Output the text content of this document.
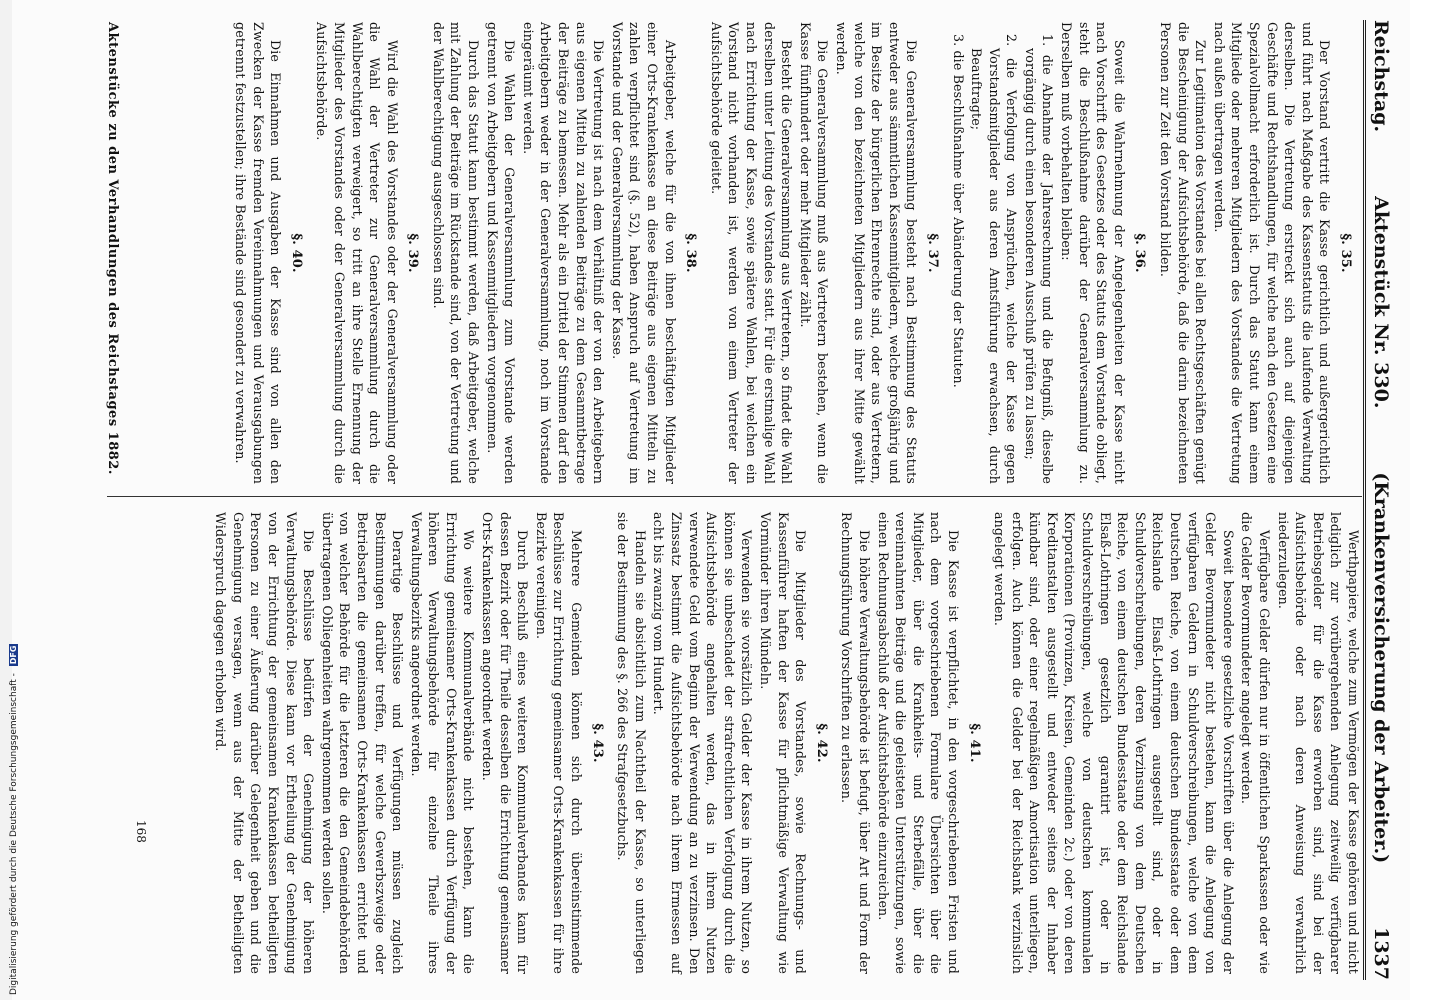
Reichstag.
Aktenstück Nr. 330.
(Krankenversicherung der Arbeiter.)
1337
§. 35.
Der Vorstand vertritt die Kasse gerichtlich und außergerichtlich und führt nach Maßgabe des Kassenstatuts die laufende Verwaltung derselben. Die Vertretung erstreckt sich auch auf diejenigen Geschäfte und Rechtshandlungen, für welche nach den Gesetzen eine Spezialvollmacht erforderlich ist. Durch das Statut kann einem Mitgliede oder mehreren Mitgliedern des Vorstandes die Vertretung nach außen übertragen werden.
Zur Legitimation des Vorstandes bei allen Rechtsgeschäften genügt die Bescheinigung der Aufsichtsbehörde, daß die darin bezeichneten Personen zur Zeit den Vorstand bilden.
§. 36.
Soweit die Wahrnehmung der Angelegenheiten der Kasse nicht nach Vorschrift des Gesetzes oder des Statuts dem Vorstande obliegt, steht die Beschlußnahme darüber der Generalversammlung zu. Derselben muß vorbehalten bleiben:
1. die Abnahme der Jahresrechnung und die Befugniß, dieselbe vorgängig durch einen besonderen Ausschuß prüfen zu lassen;
2. die Verfolgung von Ansprüchen, welche der Kasse gegen Vorstandsmitglieder aus deren Amtsführung erwachsen, durch Beauftragte;
3. die Beschlußnahme über Abänderung der Statuten.
§. 37.
Die Generalversammlung besteht nach Bestimmung des Statuts entweder aus sämmtlichen Kassenmitgliedern, welche großjährig und im Besitze der bürgerlichen Ehrenrechte sind, oder aus Vertretern, welche von den bezeichneten Mitgliedern aus ihrer Mitte gewählt werden.
Die Generalversammlung muß aus Vertretern bestehen, wenn die Kasse fünfhundert oder mehr Mitglieder zählt.
Besteht die Generalversammlung aus Vertretern, so findet die Wahl derselben unter Leitung des Vorstandes statt. Für die erstmalige Wahl nach Errichtung der Kasse, sowie spätere Wahlen, bei welchen ein Vorstand nicht vorhanden ist, werden von einem Vertreter der Aufsichtsbehörde geleitet.
§. 38.
Arbeitgeber, welche für die von ihnen beschäftigten Mitglieder einer Orts-Krankenkasse an diese Beiträge aus eigenen Mitteln zu zahlen verpflichtet sind (§. 52), haben Anspruch auf Vertretung im Vorstande und der Generalversammlung der Kasse.
Die Vertretung ist nach dem Verhältniß der von den Arbeitgebern aus eigenen Mitteln zu zahlenden Beiträge zu dem Gesammtbetrage der Beiträge zu bemessen. Mehr als ein Drittel der Stimmen darf den Arbeitgebern weder in der Generalversammlung, noch im Vorstande eingeräumt werden.
Die Wahlen der Generalversammlung zum Vorstande werden getrennt von Arbeitgebern und Kassenmitgliedern vorgenommen.
Durch das Statut kann bestimmt werden, daß Arbeitgeber, welche mit Zahlung der Beiträge im Rückstande sind, von der Vertretung und der Wahlberechtigung ausgeschlossen sind.
§. 39.
Wird die Wahl des Vorstandes oder der Generalversammlung oder die Wahl der Vertreter zur Generalversammlung durch die Wahlberechtigten verweigert, so tritt an ihre Stelle Ernennung der Mitglieder des Vorstandes oder der Generalversammlung durch die Aufsichtsbehörde.
§. 40.
Die Einnahmen und Ausgaben der Kasse sind von allen den Zwecken der Kasse fremden Vereinnahmungen und Verausgabungen getrennt festzustellen; ihre Bestände sind gesondert zu verwahren.
Werthpapiere, welche zum Vermögen der Kasse gehören und nicht lediglich zur vorübergehenden Anlegung zeitweilig verfügbarer Betriebsgelder für die Kasse erworben sind, sind bei der Aufsichtsbehörde oder nach deren Anweisung verwahrlich niederzulegen.
Verfügbare Gelder dürfen nur in öffentlichen Sparkassen oder wie die Gelder Bevormundeter angelegt werden.
Soweit besondere gesetzliche Vorschriften über die Anlegung der Gelder Bevormundeter nicht bestehen, kann die Anlegung von verfügbaren Geldern in Schuldverschreibungen, welche von dem Deutschen Reiche, von einem deutschen Bundesstaate oder dem Reichslande Elsaß-Lothringen ausgestellt sind, oder in Schuldverschreibungen, deren Verzinsung von dem Deutschen Reiche, von einem deutschen Bundesstaate oder dem Reichslande Elsaß-Lothringen gesetzlich garantirt ist, oder in Schuldverschreibungen, welche von deutschen kommunalen Korporationen (Provinzen, Kreisen, Gemeinden 2c.) oder von deren Kreditanstalten ausgestellt und entweder seitens der Inhaber kündbar sind, oder einer regelmäßigen Amortisation unterliegen, erfolgen. Auch können die Gelder bei der Reichsbank verzinslich angelegt werden.
§. 41.
Die Kasse ist verpflichtet, in den vorgeschriebenen Fristen und nach dem vorgeschriebenen Formulare Übersichten über die Mitglieder, über die Krankheits- und Sterbefälle, über die vereinnahmten Beiträge und die geleisteten Unterstützungen, sowie einen Rechnungsabschluß der Aufsichtsbehörde einzureichen.
Die höhere Verwaltungsbehörde ist befugt, über Art und Form der Rechnungsführung Vorschriften zu erlassen.
§. 42.
Die Mitglieder des Vorstandes, sowie Rechnungs- und Kassenführer haften der Kasse für pflichtmäßige Verwaltung wie Vormünder ihren Mündeln.
Verwenden sie vorsätzlich Gelder der Kasse in ihrem Nutzen, so können sie unbeschadet der strafrechtlichen Verfolgung durch die Aufsichtsbehörde angehalten werden, das in ihrem Nutzen verwendete Geld vom Beginn der Verwendung an zu verzinsen. Den Zinssatz bestimmt die Aufsichtsbehörde nach ihrem Ermessen auf acht bis zwanzig vom Hundert.
Handeln sie absichtlich zum Nachtheil der Kasse, so unterliegen sie der Bestimmung des §. 266 des Strafgesetzbuchs.
§. 43.
Mehrere Gemeinden können sich durch übereinstimmende Beschlüsse zur Errichtung gemeinsamer Orts-Krankenkassen für ihre Bezirke vereinigen.
Durch Beschluß eines weiteren Kommunalverbandes kann für dessen Bezirk oder für Theile desselben die Errichtung gemeinsamer Orts-Krankenkassen angeordnet werden.
Wo weitere Kommunalverbände nicht bestehen, kann die Errichtung gemeinsamer Orts-Krankenkassen durch Verfügung der höheren Verwaltungsbehörde für einzelne Theile ihres Verwaltungsbezirks angeordnet werden.
Derartige Beschlüsse und Verfügungen müssen zugleich Bestimmungen darüber treffen, für welche Gewerbszweige oder Betriebsarten die gemeinsamen Orts-Krankenkassen errichtet und von welcher Behörde für die letzteren die den Gemeindebehörden übertragenen Obliegenheiten wahrgenommen werden sollen.
Die Beschlüsse bedürfen der Genehmigung der höheren Verwaltungsbehörde. Diese kann vor Ertheilung der Genehmigung von der Errichtung der gemeinsamen Krankenkassen betheiligten Personen zu einer Äußerung darüber Gelegenheit geben und die Genehmigung versagen, wenn aus der Mitte der Betheiligten Widerspruch dagegen erhoben wird.
168
Aktenstücke zu den Verhandlungen des Reichstages 1882.
Digitalisierung gefördert durch die Deutsche Forschungsgemeinschaft - DFG
